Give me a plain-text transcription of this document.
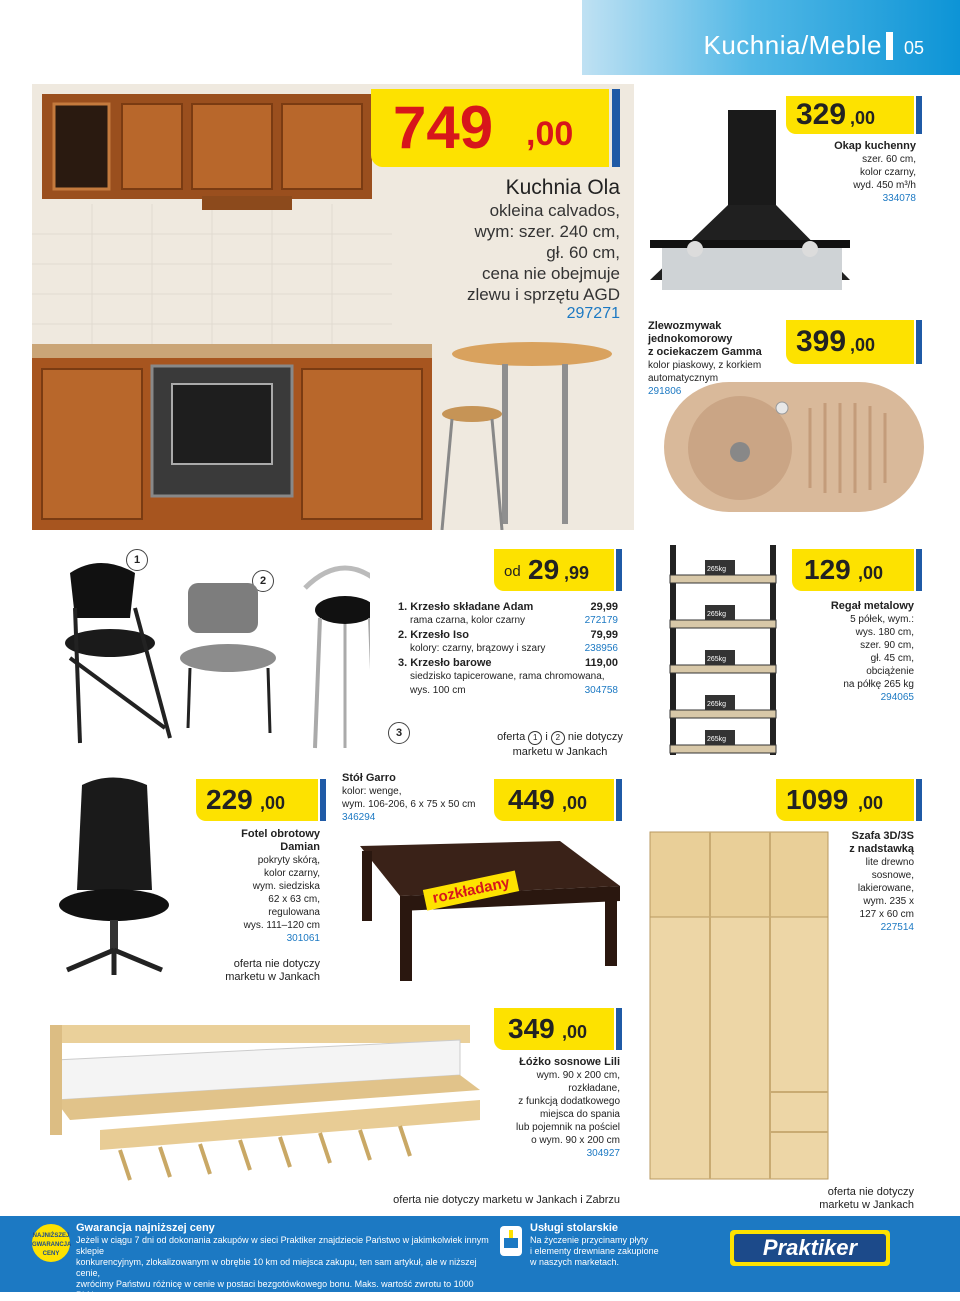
Kuchnia/Meble 05
749 ,00
Kuchnia Ola
okleina calvados,
wym: szer. 240 cm,
gł. 60 cm,
cena nie obejmuje
zlewu i sprzętu AGD
297271
329 ,00
Okap kuchenny
szer. 60 cm,
kolor czarny,
wyd. 450 m³/h
334078
Zlewozmywak
jednokomorowy
z ociekaczem Gamma
kolor piaskowy, z korkiem
automatycznym
291806
399 ,00
1
2
3
od 29 ,99
1. Krzesło składane Adam	29,99
rama czarna, kolor czarny	272179
2. Krzesło Iso	79,99
kolory: czarny, brązowy i szary	238956
3. Krzesło barowe	119,00
siedzisko tapicerowane, rama chromowana,
wys. 100 cm	304758
oferta 1 i 2 nie dotyczy
marketu w Jankach
265kg
265kg
265kg
265kg
265kg
129 ,00
Regał metalowy
5 półek, wym.:
wys. 180 cm,
szer. 90 cm,
gł. 45 cm,
obciążenie
na półkę 265 kg
294065
229 ,00
Fotel obrotowy
Damian
pokryty skórą,
kolor czarny,
wym. siedziska
62 x 63 cm,
regulowana
wys. 111–120 cm
301061
oferta nie dotyczy
marketu w Jankach
Stół Garro
kolor: wenge,
wym. 106-206, 6 x 75 x 50 cm
346294
449 ,00
rozkładany
1099 ,00
Szafa 3D/3S
z nadstawką
lite drewno
sosnowe,
lakierowane,
wym. 235 x
127 x 60 cm
227514
oferta nie dotyczy
marketu w Jankach
349 ,00
Łóżko sosnowe Lili
wym. 90 x 200 cm,
rozkładane,
z funkcją dodatkowego
miejsca do spania
lub pojemnik na pościel
o wym. 90 x 200 cm
304927
oferta nie dotyczy marketu w Jankach i Zabrzu
NAJNIŻSZEJ
GWARANCJA
CENY
Gwarancja najniższej ceny
Jeżeli w ciągu 7 dni od dokonania zakupów w sieci Praktiker znajdziecie Państwo w jakimkolwiek innym sklepie
konkurencyjnym, zlokalizowanym w obrębie 10 km od miejsca zakupu, ten sam artykuł, ale w niższej cenie,
zwrócimy Państwu różnicę w cenie w postaci bezgotówkowego bonu. Maks. wartość zwrotu to 1000 PLN.
Usługi stolarskie
Na życzenie przycinamy płyty
i elementy drewniane zakupione
w naszych marketach.
Praktiker
